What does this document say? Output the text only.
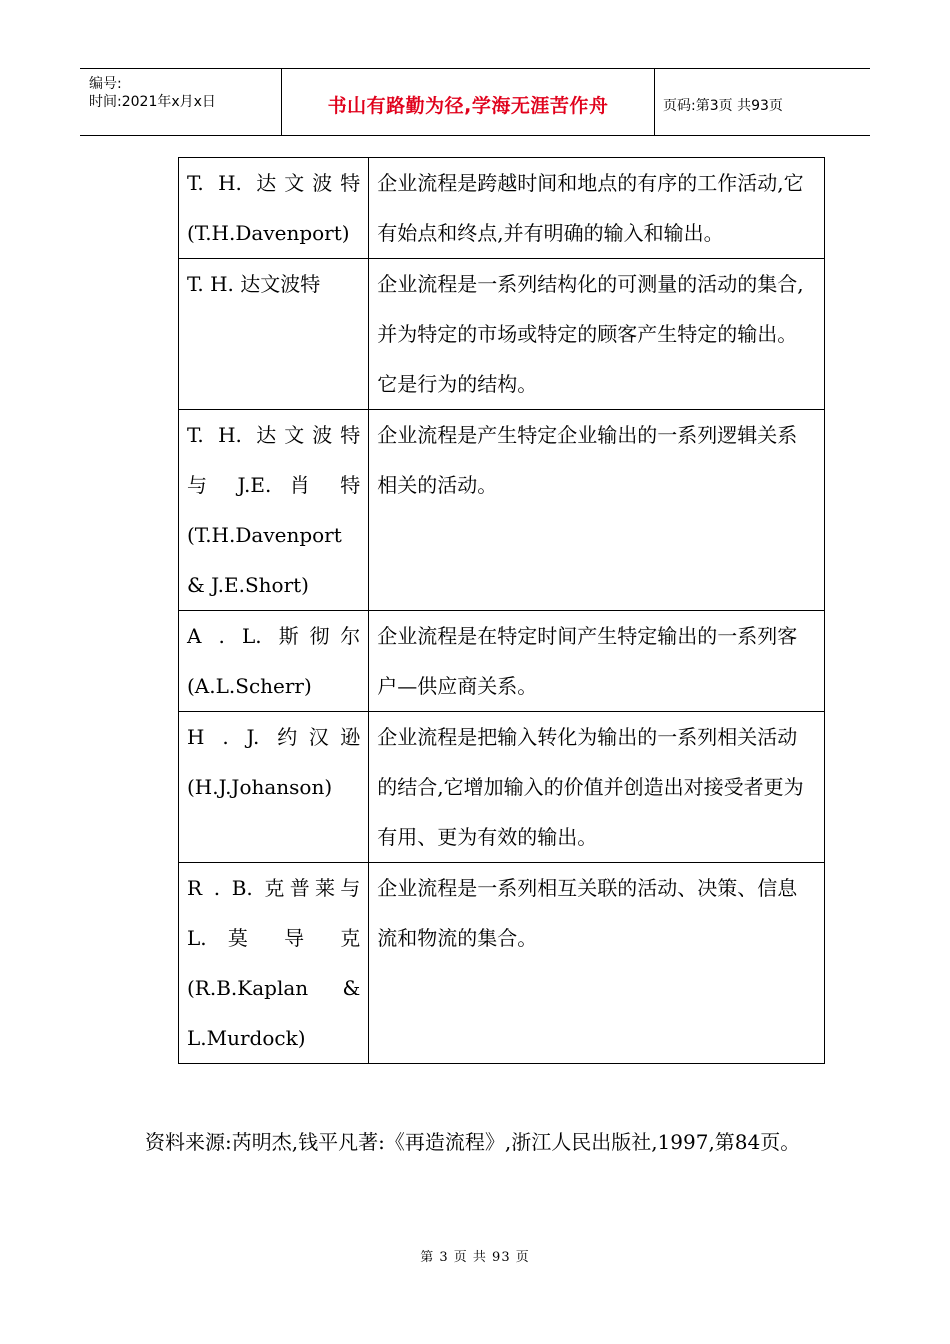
编号:
时间:2021年x月x日	书山有路勤为径,学海无涯苦作舟	页码:第3页 共93页
T. H. 达文波特
(T.H.Davenport)	企业流程是跨越时间和地点的有序的工作活动,它有始点和终点,并有明确的输入和输出。

T. H. 达文波特	企业流程是一系列结构化的可测量的活动的集合,并为特定的市场或特定的顾客产生特定的输出。它是行为的结构。

T. H. 达文波特
与 J.E. 肖 特
(T.H.Davenport
& J.E.Short)	企业流程是产生特定企业输出的一系列逻辑关系相关的活动。

A . L. 斯彻尔
(A.L.Scherr)	企业流程是在特定时间产生特定输出的一系列客户—供应商关系。

H . J. 约汉逊
(H.J.Johanson)	企业流程是把输入转化为输出的一系列相关活动的结合,它增加输入的价值并创造出对接受者更为有用、更为有效的输出。

R . B. 克普莱与
L. 莫 导 克
(R.B.Kaplan &
L.Murdock)	企业流程是一系列相互关联的活动、决策、信息流和物流的集合。
资料来源:芮明杰,钱平凡著:《再造流程》,浙江人民出版社,1997,第84页。
第 3 页 共 93 页
